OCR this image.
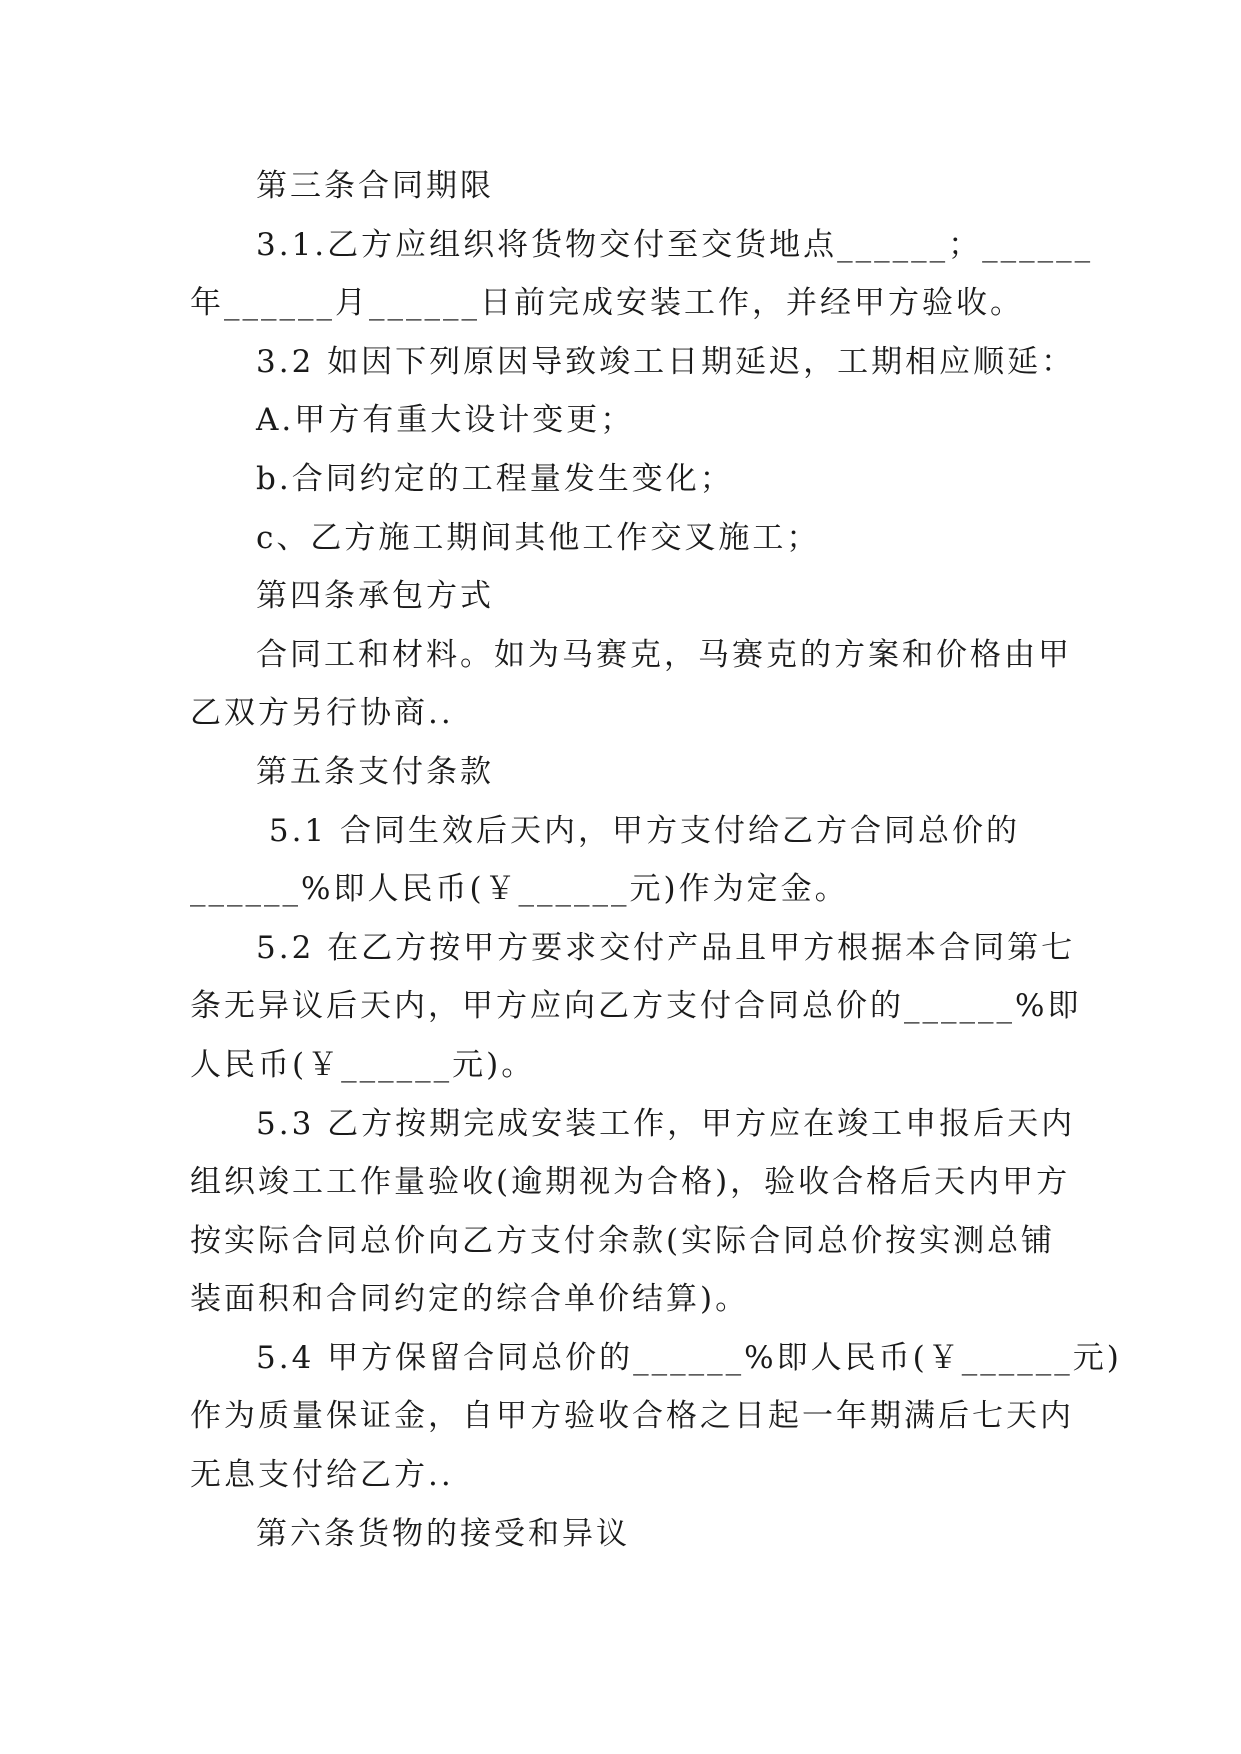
第三条合同期限
3.1.乙方应组织将货物交付至交货地点______；______
年______月______日前完成安装工作，并经甲方验收。
3.2 如因下列原因导致竣工日期延迟，工期相应顺延：
A.甲方有重大设计变更；
b.合同约定的工程量发生变化；
c、乙方施工期间其他工作交叉施工；
第四条承包方式
合同工和材料。如为马赛克，马赛克的方案和价格由甲
乙双方另行协商..
第五条支付条款
5.1 合同生效后天内，甲方支付给乙方合同总价的
______%即人民币(￥______元)作为定金。
5.2 在乙方按甲方要求交付产品且甲方根据本合同第七
条无异议后天内，甲方应向乙方支付合同总价的______%即
人民币(￥______元)。
5.3 乙方按期完成安装工作，甲方应在竣工申报后天内
组织竣工工作量验收(逾期视为合格)，验收合格后天内甲方
按实际合同总价向乙方支付余款(实际合同总价按实测总铺
装面积和合同约定的综合单价结算)。
5.4 甲方保留合同总价的______%即人民币(￥______元)
作为质量保证金，自甲方验收合格之日起一年期满后七天内
无息支付给乙方..
第六条货物的接受和异议
